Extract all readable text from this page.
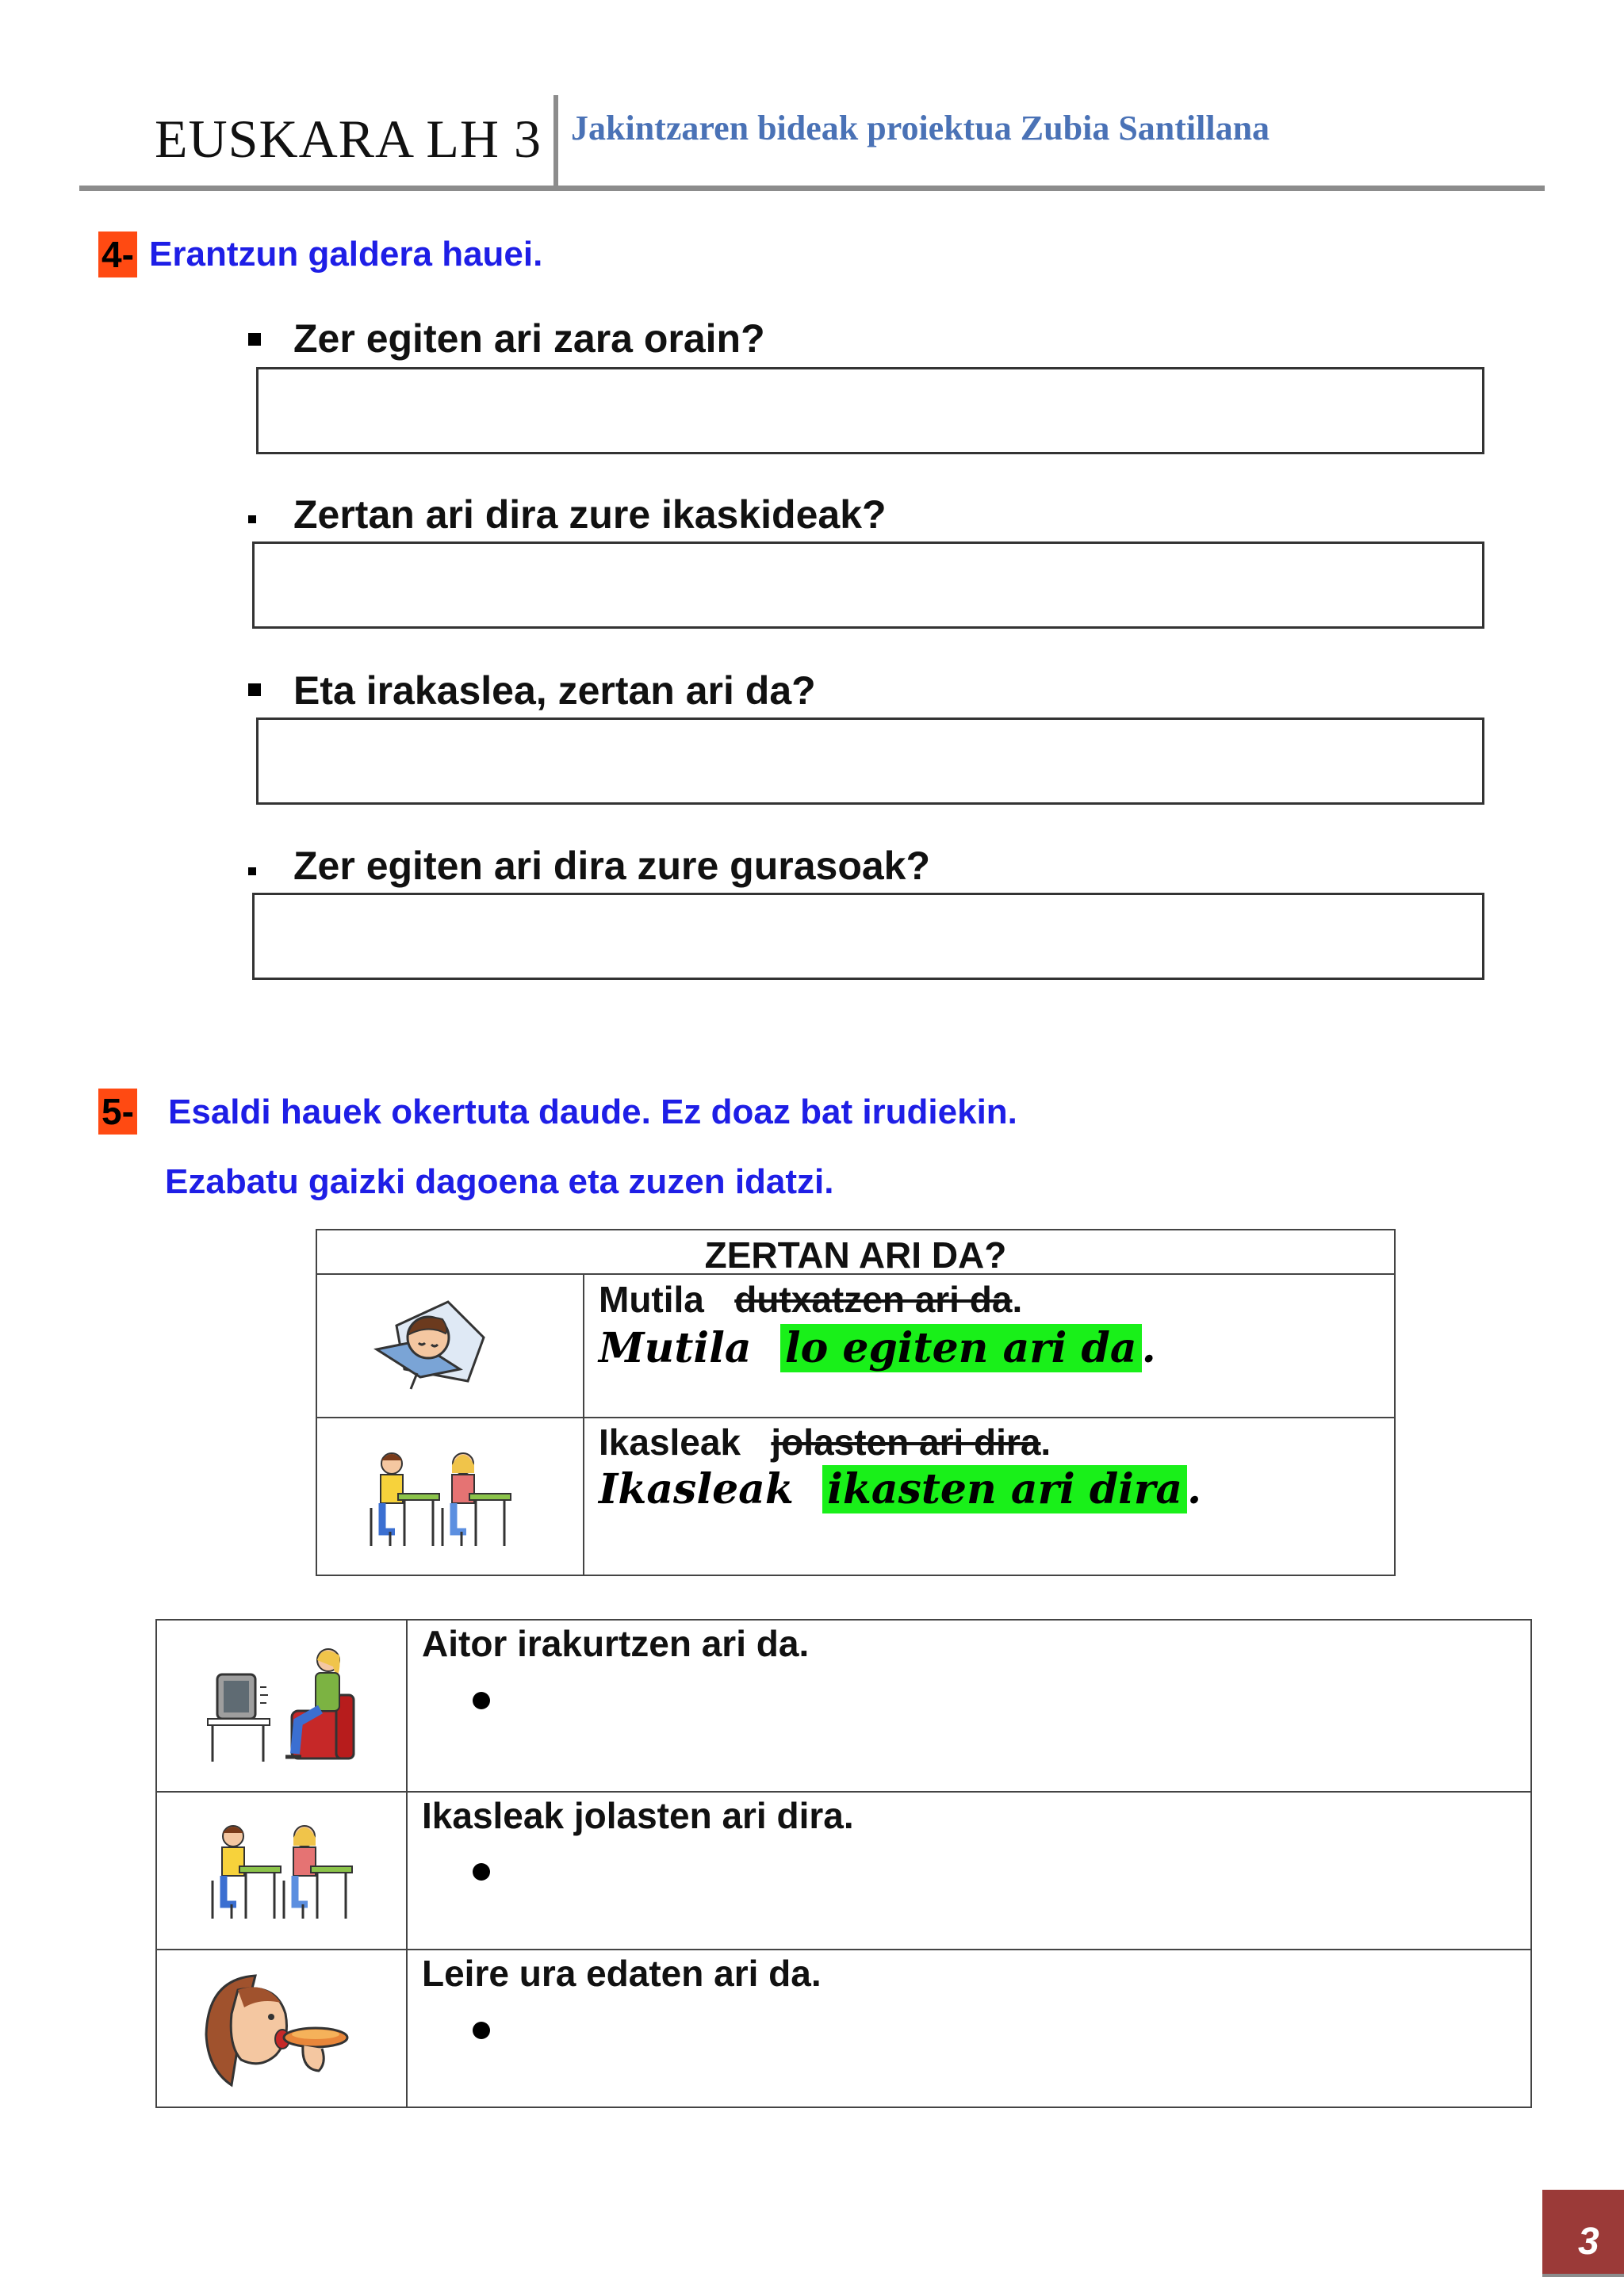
EUSKARA LH 3 Jakintzaren bideak proiektua Zubia Santillana
4- Erantzun galdera hauei.
Zer egiten ari zara orain?
Zertan ari dira zure ikaskideak?
Eta irakaslea, zertan ari da?
Zer egiten ari dira zure gurasoak?
5- Esaldi hauek okertuta daude. Ez doaz bat irudiekin.
Ezabatu gaizki dagoena eta zuzen idatzi.
ZERTAN ARI DA?
Mutila dutxatzen ari da.
Mutila lo egiten ari da .
Ikasleak jolasten ari dira.
Ikasleak ikasten ari dira .
Aitor irakurtzen ari da.
Ikasleak jolasten ari dira.
Leire ura edaten ari da.
3
